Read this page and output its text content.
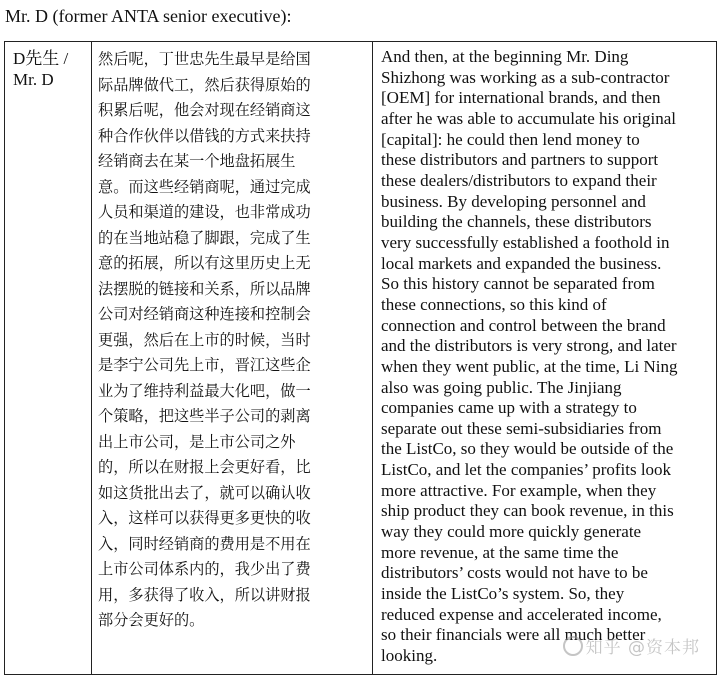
Mr. D (former ANTA senior executive):
D先生 /
Mr. D

然后呢，丁世忠先生最早是给国
际品牌做代工，然后获得原始的
积累后呢，他会对现在经销商这
种合作伙伴以借钱的方式来扶持
经销商去在某一个地盘拓展生
意。而这些经销商呢，通过完成
人员和渠道的建设，也非常成功
的在当地站稳了脚跟，完成了生
意的拓展，所以有这里历史上无
法摆脱的链接和关系，所以品牌
公司对经销商这种连接和控制会
更强，然后在上市的时候，当时
是李宁公司先上市，晋江这些企
业为了维持利益最大化吧，做一
个策略，把这些半子公司的剥离
出上市公司，是上市公司之外
的，所以在财报上会更好看，比
如这货批出去了，就可以确认收
入，这样可以获得更多更快的收
入，同时经销商的费用是不用在
上市公司体系内的，我少出了费
用，多获得了收入，所以讲财报
部分会更好的。

And then, at the beginning Mr. Ding
Shizhong was working as a sub-contractor
[OEM] for international brands, and then
after he was able to accumulate his original
[capital]: he could then lend money to
these distributors and partners to support
these dealers/distributors to expand their
business. By developing personnel and
building the channels, these distributors
very successfully established a foothold in
local markets and expanded the business.
So this history cannot be separated from
these connections, so this kind of
connection and control between the brand
and the distributors is very strong, and later
when they went public, at the time, Li Ning
also was going public. The Jinjiang
companies came up with a strategy to
separate out these semi-subsidiaries from
the ListCo, so they would be outside of the
ListCo, and let the companies’ profits look
more attractive. For example, when they
ship product they can book revenue, in this
way they could more quickly generate
more revenue, at the same time the
distributors’ costs would not have to be
inside the ListCo’s system. So, they
reduced expense and accelerated income,
so their financials were all much better
looking.	知乎 @资本邦
